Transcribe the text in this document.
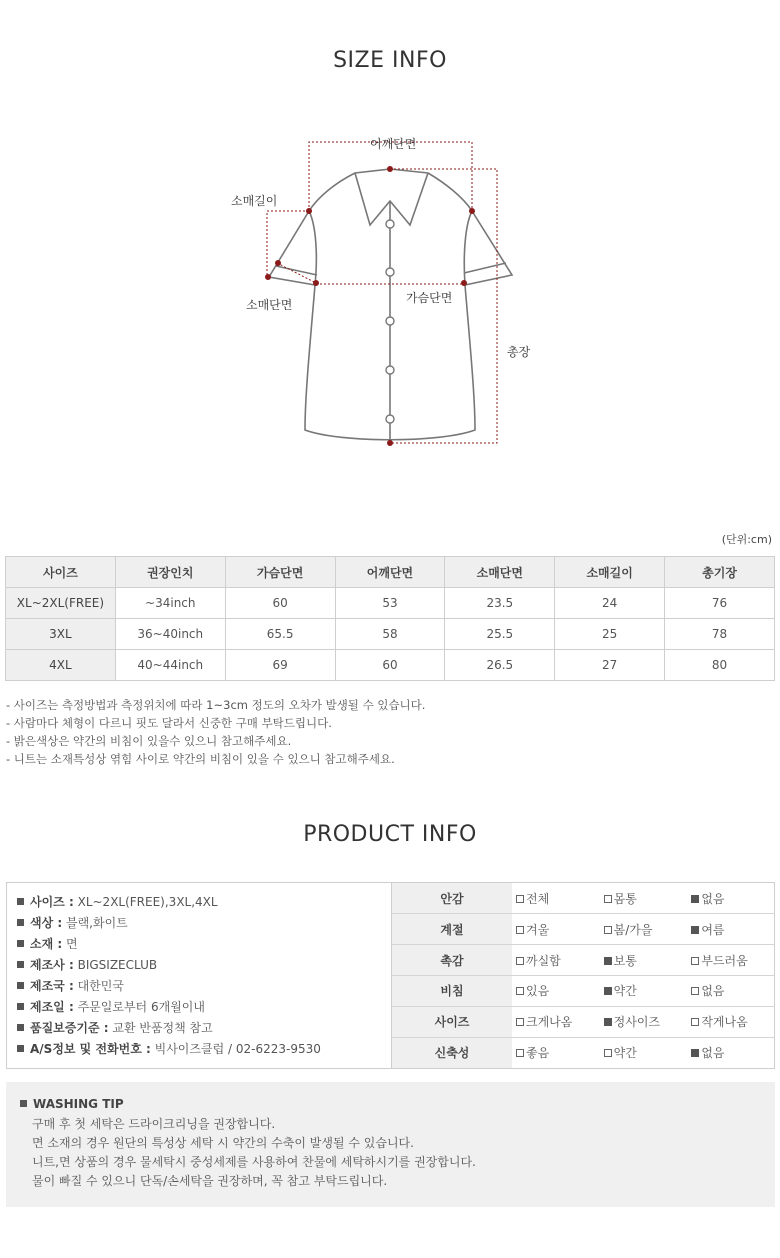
SIZE INFO
어깨단면
소매길이
소매단면	가슴단면
총장
(단위:cm)
사이즈	권장인치	가슴단면	어깨단면	소매단면	소매길이	총기장
XL~2XL(FREE)	~34inch	60	53	23.5	24	76
3XL	36~40inch	65.5	58	25.5	25	78
4XL	40~44inch	69	60	26.5	27	80
- 사이즈는 측정방법과 측정위치에 따라 1~3cm 정도의 오차가 발생될 수 있습니다.
- 사람마다 체형이 다르니 핏도 달라서 신중한 구매 부탁드립니다.
- 밝은색상은 약간의 비침이 있을수 있으니 참고해주세요.
- 니트는 소재특성상 엮힘 사이로 약간의 비침이 있을 수 있으니 참고해주세요.
PRODUCT INFO
사이즈 : XL~2XL(FREE),3XL,4XL
색상 : 블랙,화이트
소재 : 면
제조사 : BIGSIZECLUB
제조국 : 대한민국
제조일 : 주문일로부터 6개월이내
품질보증기준 : 교환 반품정책 참고
A/S정보 및 전화번호 : 빅사이즈클럽 / 02-6223-9530
안감	전체	몸통	없음
계절	겨울	봄/가을	여름
촉감	까실함	보통	부드러움
비침	있음	약간	없음
사이즈	크게나옴	정사이즈	작게나옴
신축성	좋음	약간	없음
WASHING TIP
구매 후 첫 세탁은 드라이크리닝을 권장합니다.
면 소재의 경우 원단의 특성상 세탁 시 약간의 수축이 발생될 수 있습니다.
니트,면 상품의 경우 물세탁시 중성세제를 사용하여 찬물에 세탁하시기를 권장합니다.
물이 빠질 수 있으니 단독/손세탁을 권장하며, 꼭 참고 부탁드립니다.
